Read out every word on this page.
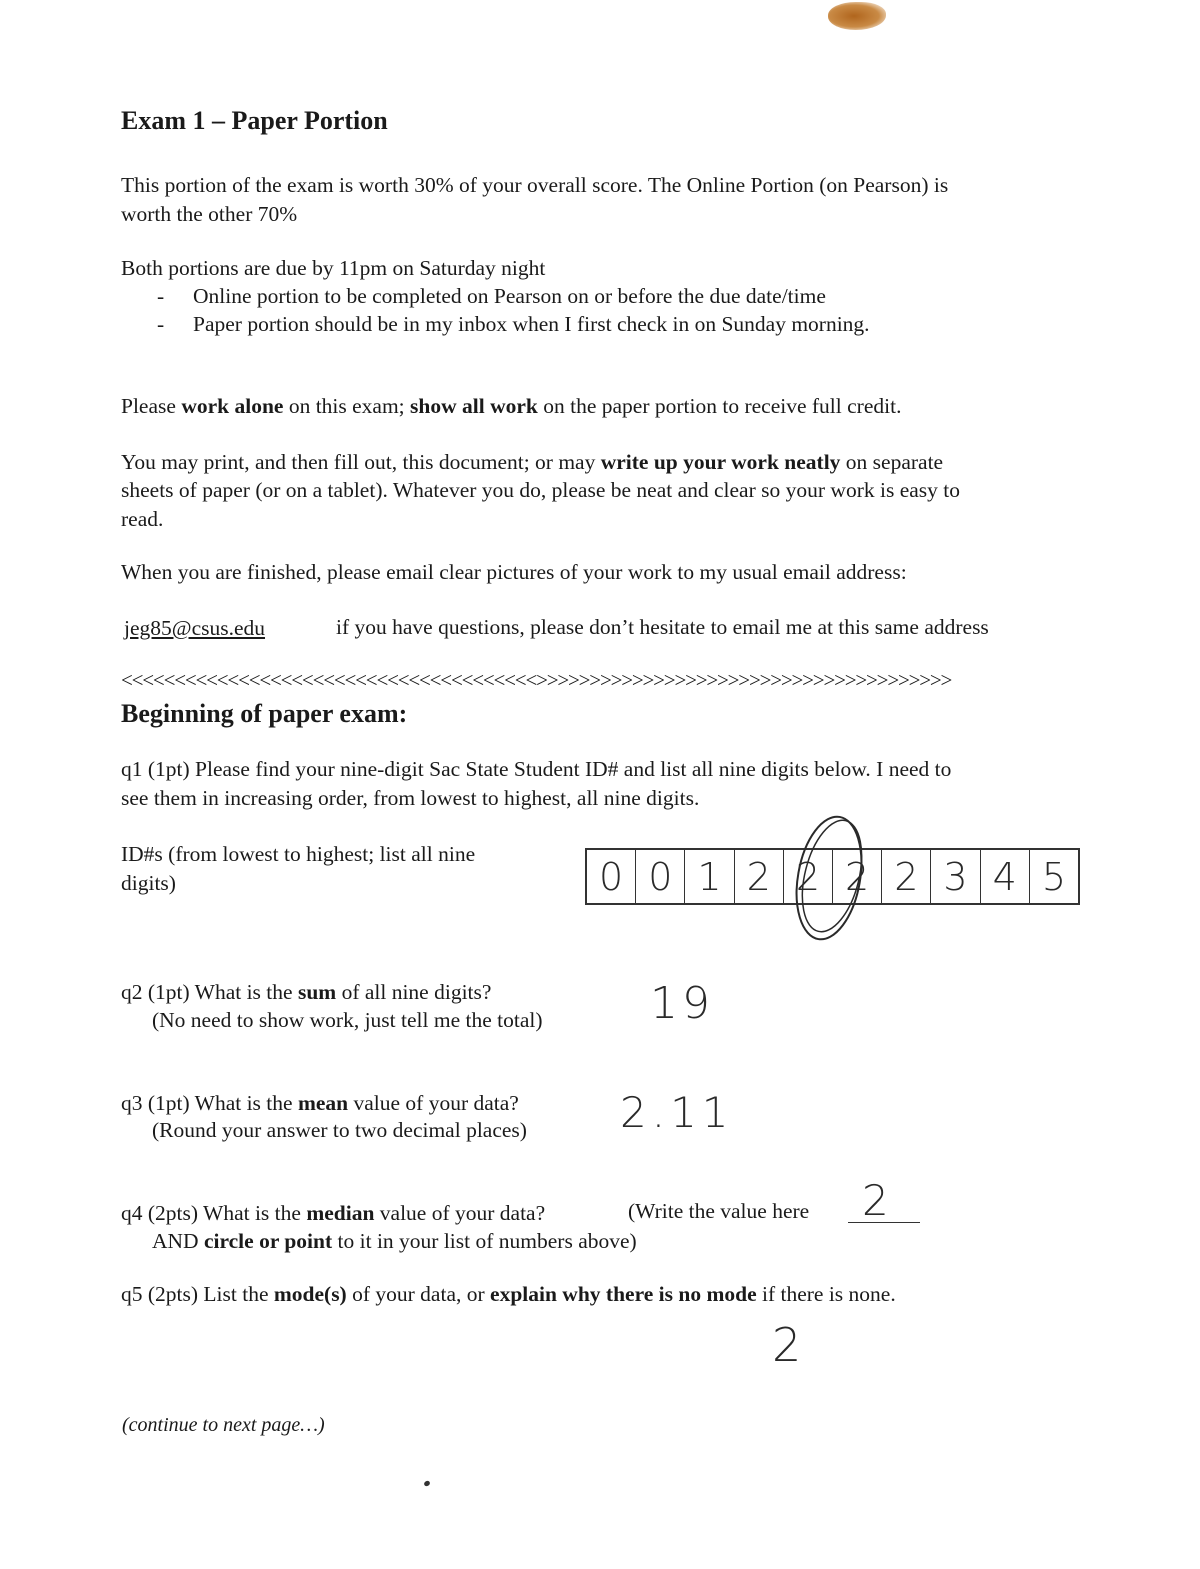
Exam 1 – Paper Portion
This portion of the exam is worth 30% of your overall score. The Online Portion (on Pearson) is
worth the other 70%
Both portions are due by 11pm on Saturday night
- Online portion to be completed on Pearson on or before the due date/time
- Paper portion should be in my inbox when I first check in on Sunday morning.
Please work alone on this exam; show all work on the paper portion to receive full credit.
You may print, and then fill out, this document; or may write up your work neatly on separate
sheets of paper (or on a tablet). Whatever you do, please be neat and clear so your work is easy to
read.
When you are finished, please email clear pictures of your work to my usual email address:
jeg85@csus.edu	if you have questions, please don’t hesitate to email me at this same address
<<<<<<<<<<<<<<<<<<<<<<<<<<<<<<<<<<<<<<<>>>>>>>>>>>>>>>>>>>>>>>>>>>>>>>>>>>>>>>
Beginning of paper exam:
q1 (1pt) Please find your nine-digit Sac State Student ID# and list all nine digits below. I need to
see them in increasing order, from lowest to highest, all nine digits.
ID#s (from lowest to highest; list all nine
digits)	0 0 1 2 2 2 2 3 4 5
q2 (1pt) What is the sum of all nine digits?
(No need to show work, just tell me the total) 19
q3 (1pt) What is the mean value of your data?
(Round your answer to two decimal places) 2.11
q4 (2pts) What is the median value of your data?	(Write the value here 2
AND circle or point to it in your list of numbers above)
q5 (2pts) List the mode(s) of your data, or explain why there is no mode if there is none.
2
(continue to next page…)
